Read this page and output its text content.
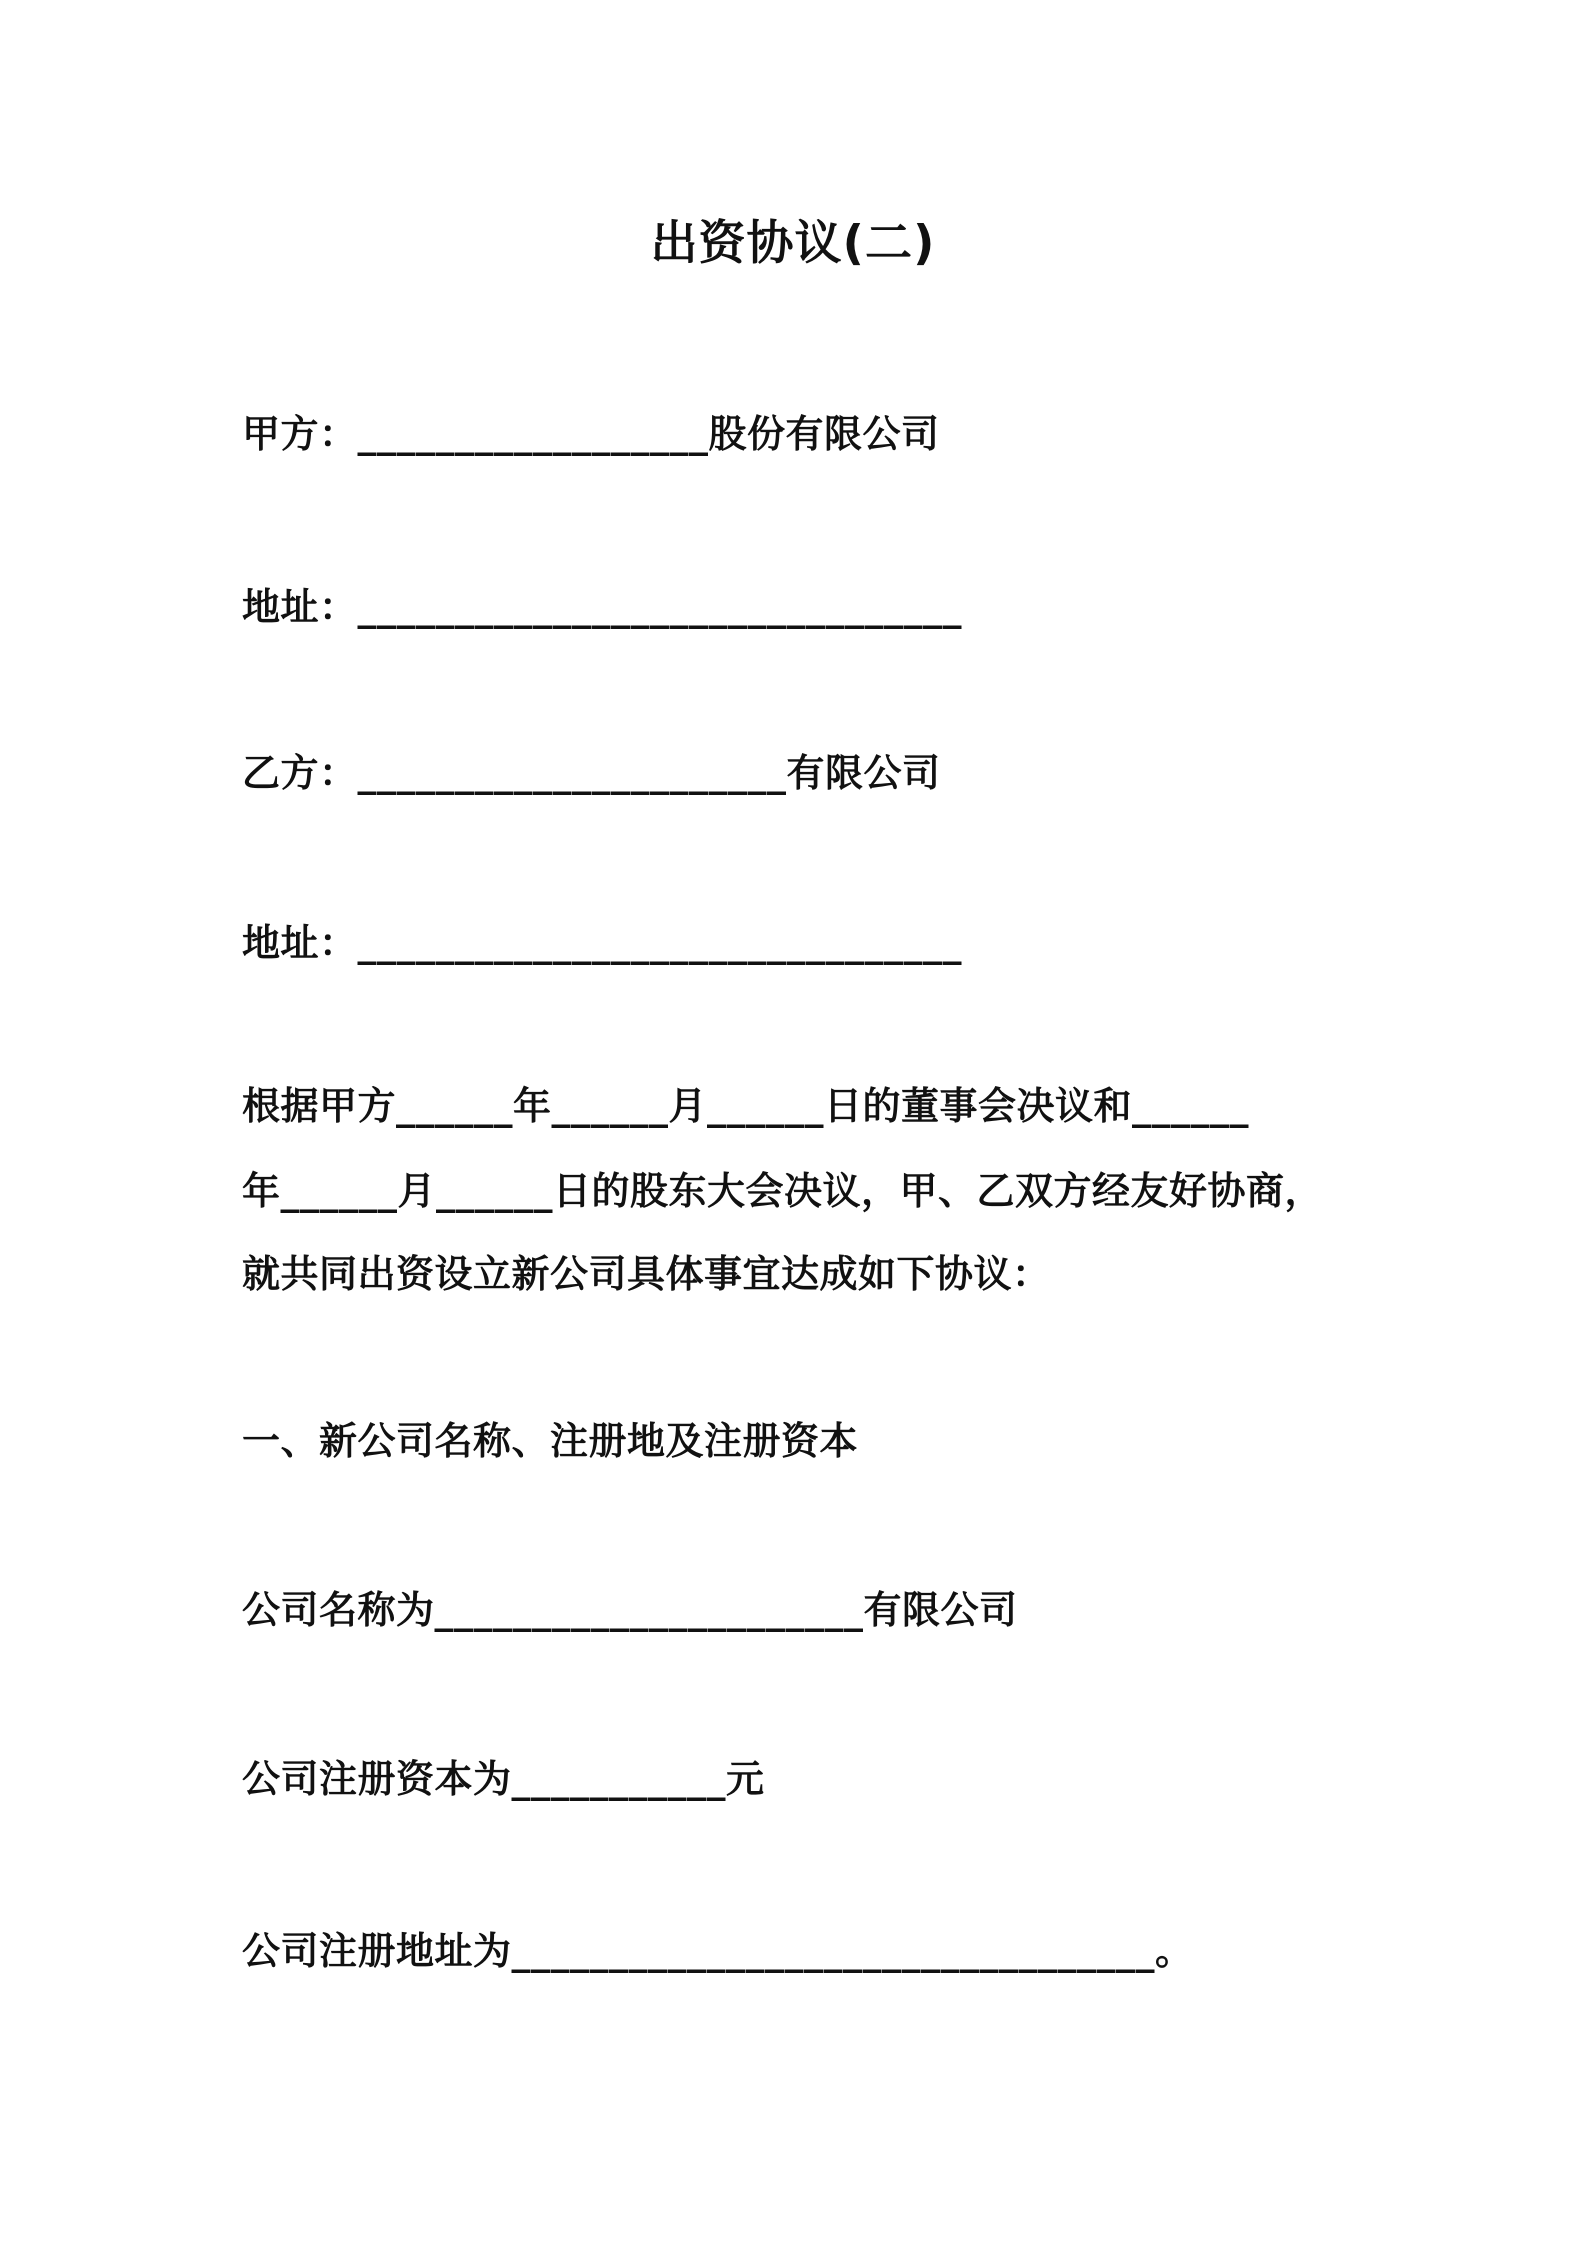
出资协议(二)
甲方：__________________股份有限公司
地址：_______________________________
乙方：______________________有限公司
地址：_______________________________
根据甲方______年______月______日的董事会决议和______
年______月______日的股东大会决议，甲、乙双方经友好协商，
就共同出资设立新公司具体事宜达成如下协议：
一、新公司名称、注册地及注册资本
公司名称为______________________有限公司
公司注册资本为___________元
公司注册地址为_________________________________。
